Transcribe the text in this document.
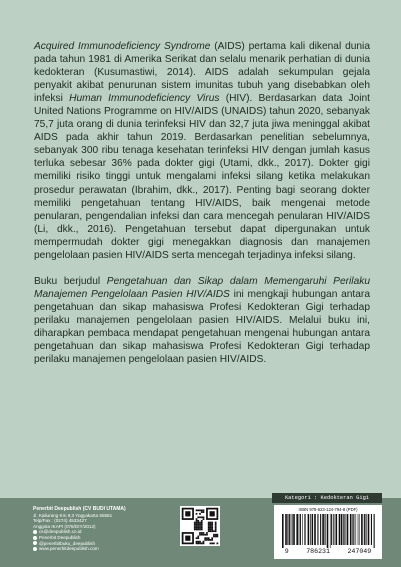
Acquired Immunodeficiency Syndrome (AIDS) pertama kali dikenal dunia pada tahun 1981 di Amerika Serikat dan selalu menarik perhatian di dunia kedokteran (Kusumastiwi, 2014). AIDS adalah sekumpulan gejala penyakit akibat penurunan sistem imunitas tubuh yang disebabkan oleh infeksi Human Immunodeficiency Virus (HIV). Berdasarkan data Joint United Nations Programme on HIV/AIDS (UNAIDS) tahun 2020, sebanyak 75,7 juta orang di dunia terinfeksi HIV dan 32,7 juta jiwa meninggal akibat AIDS pada akhir tahun 2019. Berdasarkan penelitian sebelumnya, sebanyak 300 ribu tenaga kesehatan terinfeksi HIV dengan jumlah kasus terluka sebesar 36% pada dokter gigi (Utami, dkk., 2017). Dokter gigi memiliki risiko tinggi untuk mengalami infeksi silang ketika melakukan prosedur perawatan (Ibrahim, dkk., 2017). Penting bagi seorang dokter memiliki pengetahuan tentang HIV/AIDS, baik mengenai metode penularan, pengendalian infeksi dan cara mencegah penularan HIV/AIDS (Li, dkk., 2016). Pengetahuan tersebut dapat dipergunakan untuk mempermudah dokter gigi menegakkan diagnosis dan manajemen pengelolaan pasien HIV/AIDS serta mencegah terjadinya infeksi silang.

Buku berjudul Pengetahuan dan Sikap dalam Memengaruhi Perilaku Manajemen Pengelolaan Pasien HIV/AIDS ini mengkaji hubungan antara pengetahuan dan sikap mahasiswa Profesi Kedokteran Gigi terhadap perilaku manajemen pengelolaan pasien HIV/AIDS. Melalui buku ini, diharapkan pembaca mendapat pengetahuan mengenai hubungan antara pengetahuan dan sikap mahasiswa Profesi Kedokteran Gigi terhadap perilaku manajemen pengelolaan pasien HIV/AIDS.

Penerbit Deepublish (CV BUDI UTAMA)
Jl. Kaliurang Km 9,3 Yogyakarta 55581
Telp/Fax : (0274) 4533427
Anggota IKAPI (076/DIY/2012)
cs@deepublish.co.id
Penerbit Deepublish
@penerbitbuku_deepublish
www.penerbitdeepublish.com
Kategori : Kedokteran Gigi
ISBN 978-623-124-794-8 (PDF)
9	786231	247049
